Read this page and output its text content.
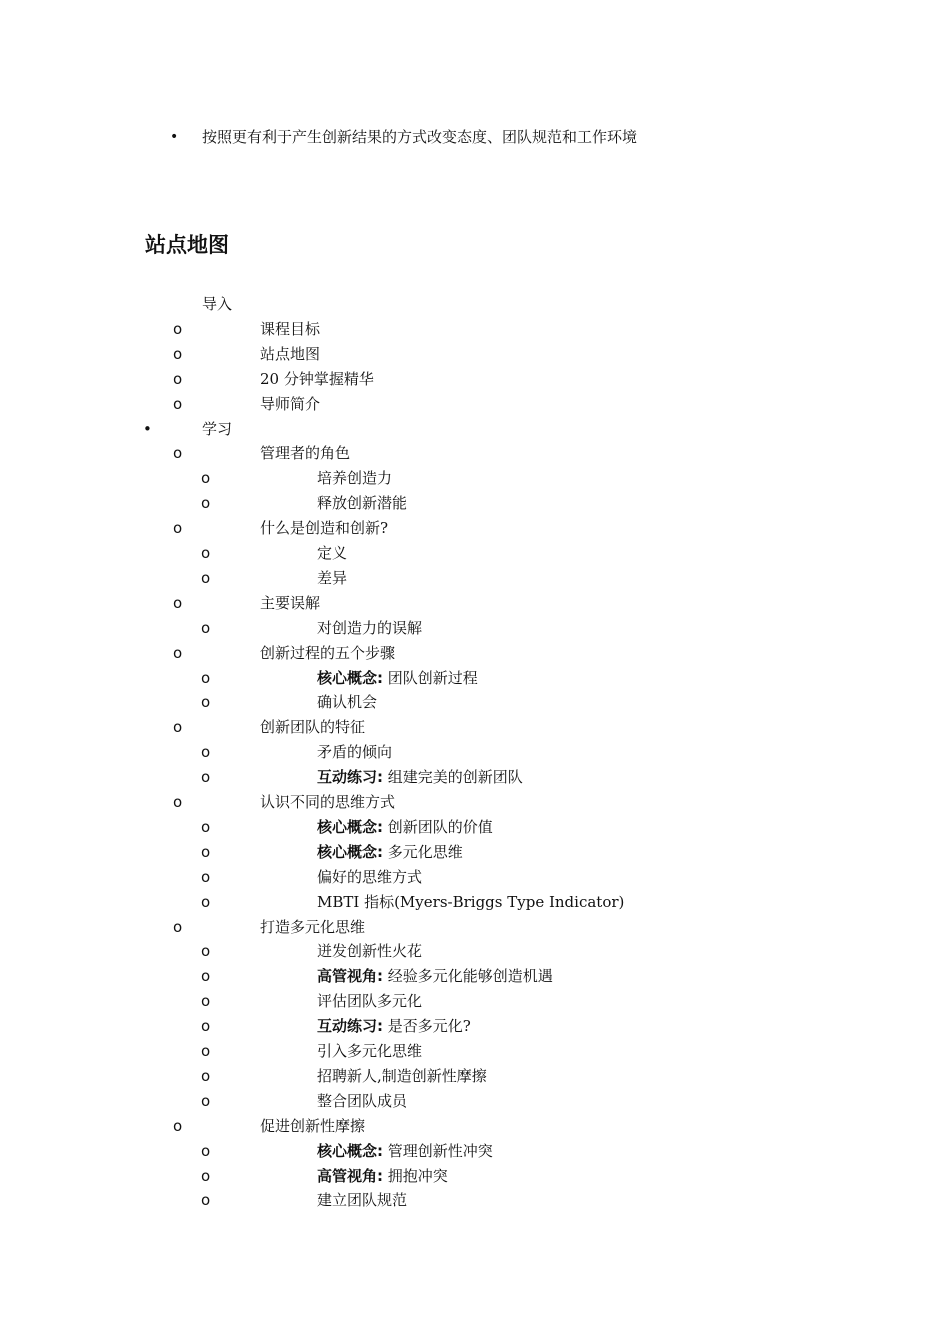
• 按照更有利于产生创新结果的方式改变态度、团队规范和工作环境
站点地图
导入
o	课程目标
o	站点地图
o	20 分钟掌握精华
o	导师简介
•	学习
o	管理者的角色
o	培养创造力
o	释放创新潜能
o	什么是创造和创新?
o	定义
o	差异
o	主要误解
o	对创造力的误解
o	创新过程的五个步骤
o	核心概念: 团队创新过程
o	确认机会
o	创新团队的特征
o	矛盾的倾向
o	互动练习: 组建完美的创新团队
o	认识不同的思维方式
o	核心概念: 创新团队的价值
o	核心概念: 多元化思维
o	偏好的思维方式
o	MBTI 指标(Myers-Briggs Type Indicator)
o	打造多元化思维
o	迸发创新性火花
o	高管视角: 经验多元化能够创造机遇
o	评估团队多元化
o	互动练习: 是否多元化?
o	引入多元化思维
o	招聘新人,制造创新性摩擦
o	整合团队成员
o	促进创新性摩擦
o	核心概念: 管理创新性冲突
o	高管视角: 拥抱冲突
o	建立团队规范
